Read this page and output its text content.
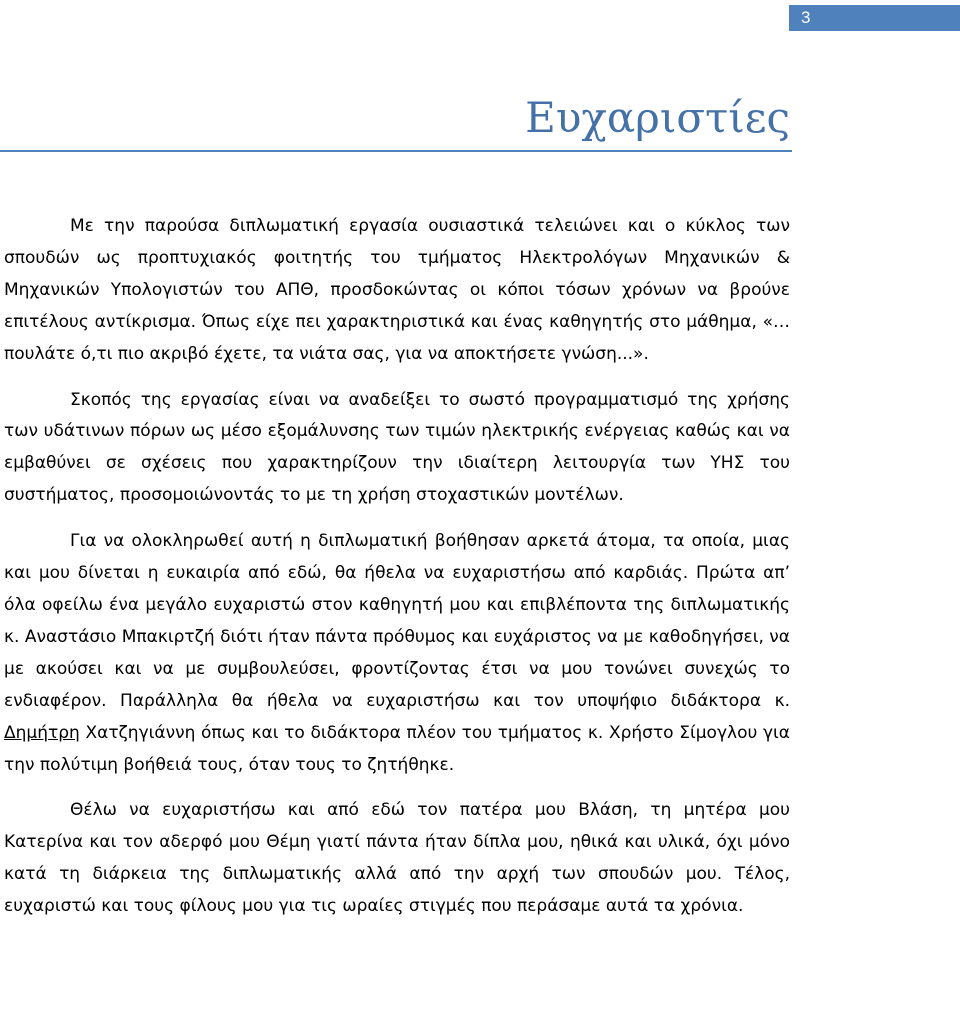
3
Ευχαριστίες

Με την παρούσα διπλωματική εργασία ουσιαστικά τελειώνει και ο κύκλος των σπουδών ως προπτυχιακός φοιτητής του τμήματος Ηλεκτρολόγων Μηχανικών & Μηχανικών Υπολογιστών του ΑΠΘ, προσδοκώντας οι κόποι τόσων χρόνων να βρούνε επιτέλους αντίκρισμα. Όπως είχε πει χαρακτηριστικά και ένας καθηγητής στο μάθημα, «…πουλάτε ό,τι πιο ακριβό έχετε, τα νιάτα σας, για να αποκτήσετε γνώση...».

Σκοπός της εργασίας είναι να αναδείξει το σωστό προγραμματισμό της χρήσης των υδάτινων πόρων ως μέσο εξομάλυνσης των τιμών ηλεκτρικής ενέργειας καθώς και να εμβαθύνει σε σχέσεις που χαρακτηρίζουν την ιδιαίτερη λειτουργία των ΥΗΣ του συστήματος, προσομοιώνοντάς το με τη χρήση στοχαστικών μοντέλων.

Για να ολοκληρωθεί αυτή η διπλωματική βοήθησαν αρκετά άτομα, τα οποία, μιας και μου δίνεται η ευκαιρία από εδώ, θα ήθελα να ευχαριστήσω από καρδιάς. Πρώτα απ’ όλα οφείλω ένα μεγάλο ευχαριστώ στον καθηγητή μου και επιβλέποντα της διπλωματικής κ. Αναστάσιο Μπακιρτζή διότι ήταν πάντα πρόθυμος και ευχάριστος να με καθοδηγήσει, να με ακούσει και να με συμβουλεύσει, φροντίζοντας έτσι να μου τονώνει συνεχώς το ενδιαφέρον. Παράλληλα θα ήθελα να ευχαριστήσω και τον υποψήφιο διδάκτορα κ. Δημήτρη Χατζηγιάννη όπως και το διδάκτορα πλέον του τμήματος κ. Χρήστο Σίμογλου για την πολύτιμη βοήθειά τους, όταν τους το ζητήθηκε.

Θέλω να ευχαριστήσω και από εδώ τον πατέρα μου Βλάση, τη μητέρα μου Κατερίνα και τον αδερφό μου Θέμη γιατί πάντα ήταν δίπλα μου, ηθικά και υλικά, όχι μόνο κατά τη διάρκεια της διπλωματικής αλλά από την αρχή των σπουδών μου. Τέλος, ευχαριστώ και τους φίλους μου για τις ωραίες στιγμές που περάσαμε αυτά τα χρόνια.
